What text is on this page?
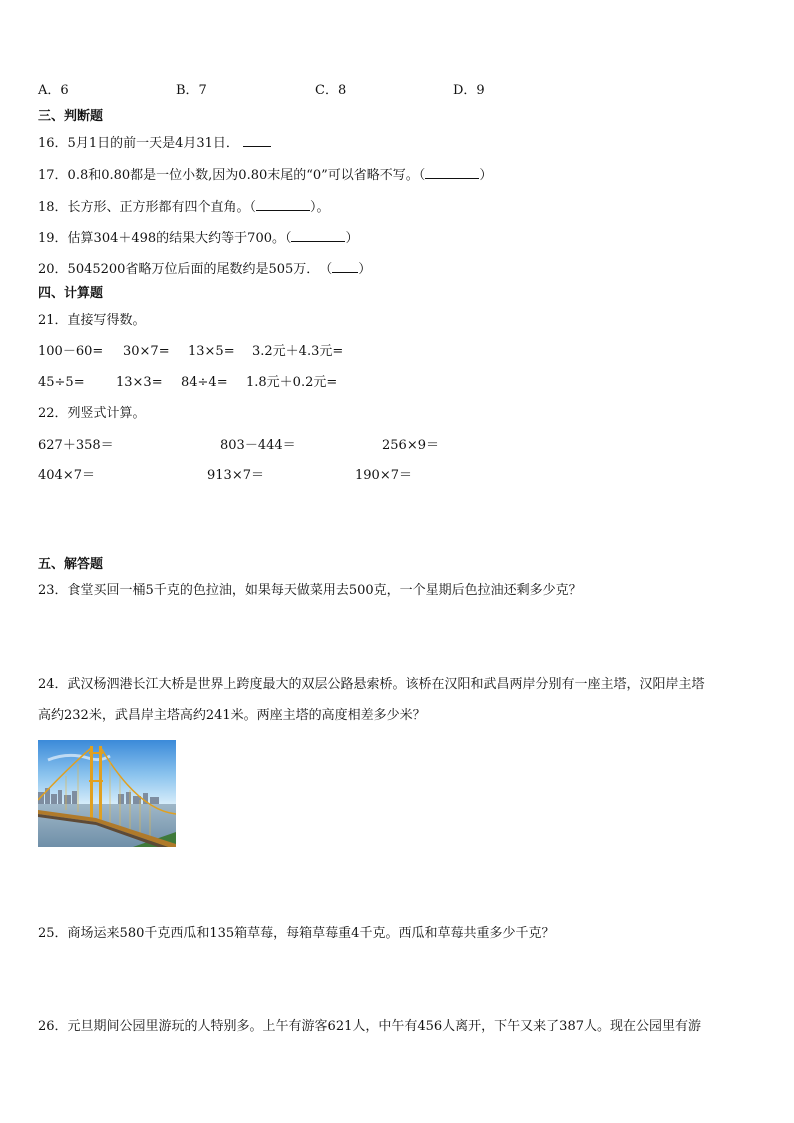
A．6	B．7	C．8	D．9
三、判断题
16．5月1日的前一天是4月31日．
17．0.8和0.80都是一位小数,因为0.80末尾的“0”可以省略不写。（	）
18．长方形、正方形都有四个直角。（	）。
19．估算304＋498的结果大约等于700。（	）
20．5045200省略万位后面的尾数约是505万．　（ ）
四、计算题
21．直接写得数。
100－60= 30×7= 13×5= 3.2元＋4.3元=
45÷5= 13×3= 84÷4= 1.8元＋0.2元=
22．列竖式计算。
627＋358＝	803－444＝	256×9＝
404×7＝	913×7＝	190×7＝
五、解答题
23．食堂买回一桶5千克的色拉油，如果每天做菜用去500克，一个星期后色拉油还剩多少克？
24．武汉杨泗港长江大桥是世界上跨度最大的双层公路悬索桥。该桥在汉阳和武昌两岸分别有一座主塔，汉阳岸主塔
高约232米，武昌岸主塔高约241米。两座主塔的高度相差多少米？
25．商场运来580千克西瓜和135箱草莓，每箱草莓重4千克。西瓜和草莓共重多少千克？
26．元旦期间公园里游玩的人特别多。上午有游客621人，中午有456人离开，下午又来了387人。现在公园里有游
